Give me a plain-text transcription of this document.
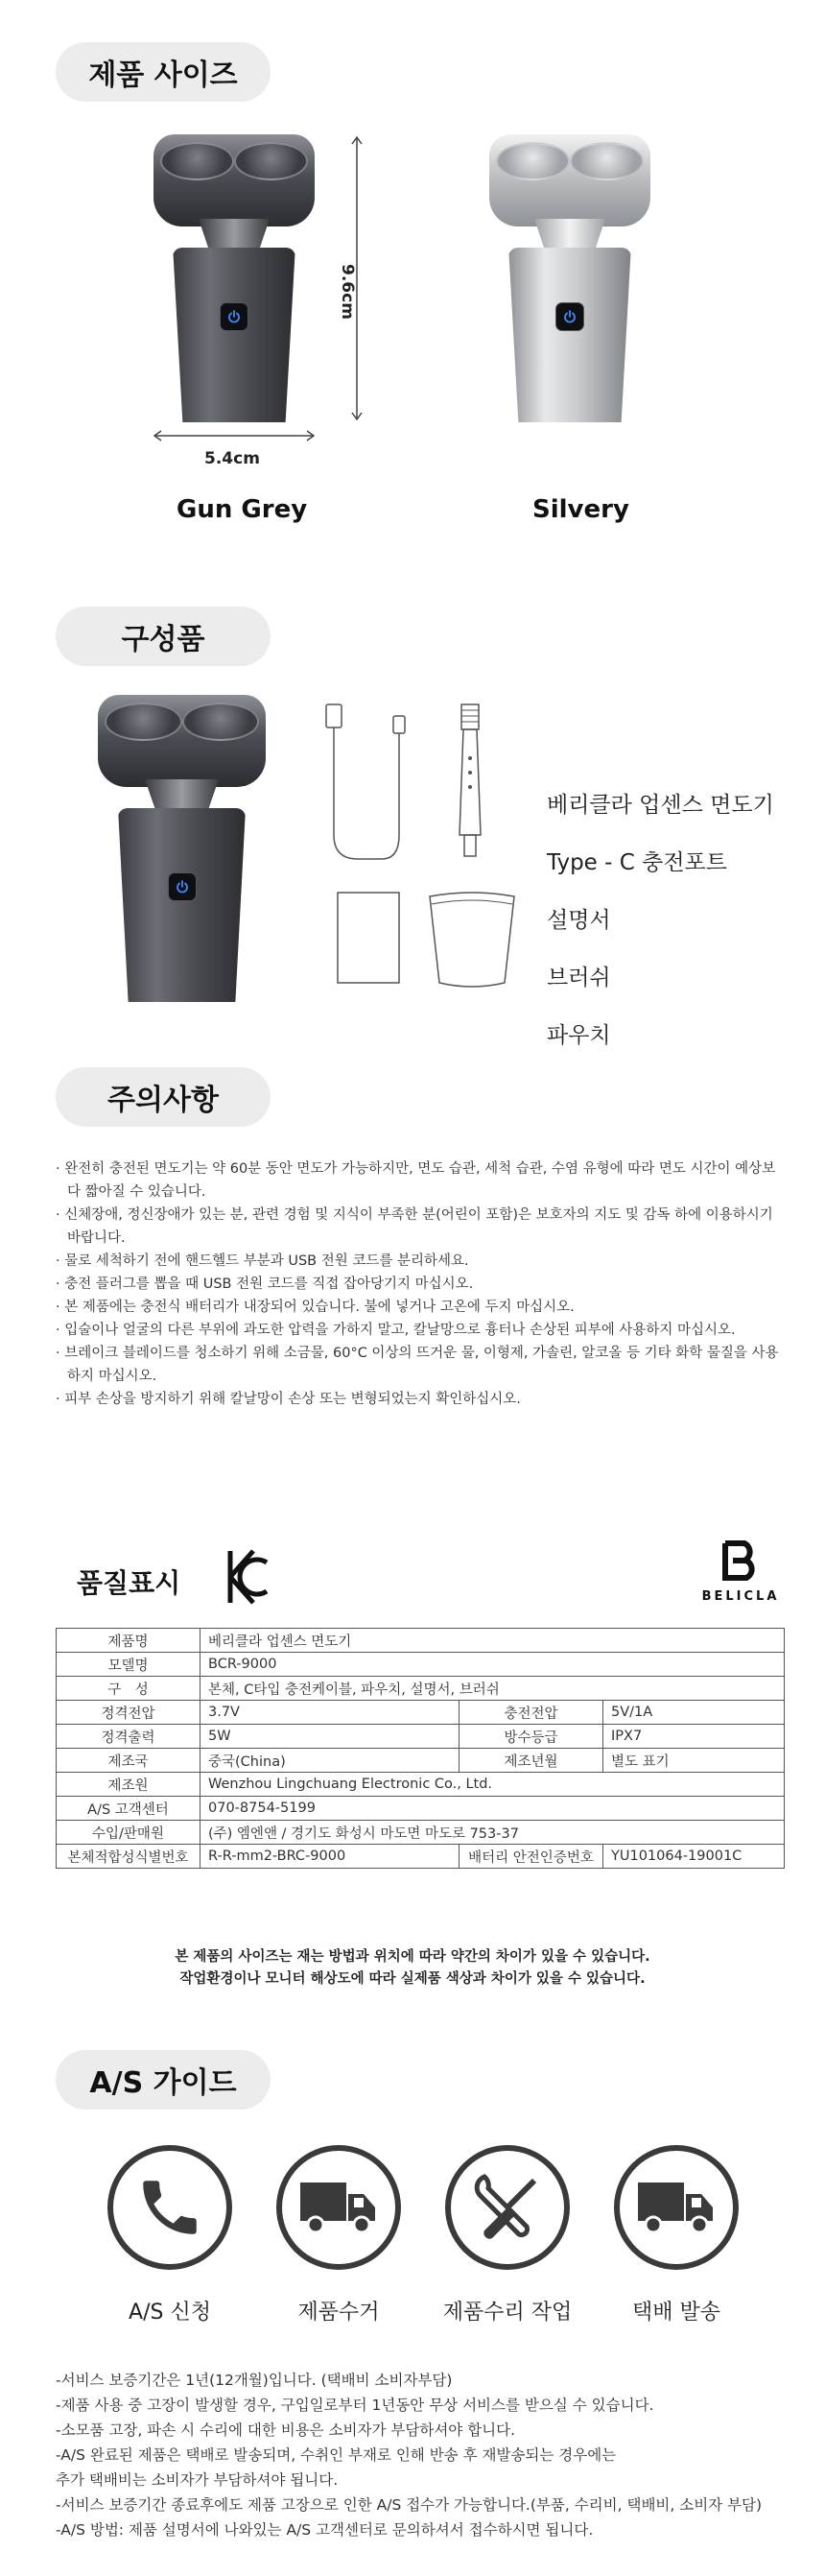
제품 사이즈
9.6cm
5.4cm
Gun Grey	Silvery
구성품
베리클라 업센스 면도기
Type - C 충전포트
설명서
브러쉬
파우치
주의사항

· 완전히 충전된 면도기는 약 60분 동안 면도가 가능하지만, 면도 습관, 세척 습관, 수염 유형에 따라 면도 시간이 예상보다 짧아질 수 있습니다.

· 신체장애, 정신장애가 있는 분, 관련 경험 및 지식이 부족한 분(어린이 포함)은 보호자의 지도 및 감독 하에 이용하시기 바랍니다.

· 물로 세척하기 전에 핸드헬드 부분과 USB 전원 코드를 분리하세요.

· 충전 플러그를 뽑을 때 USB 전원 코드를 직접 잡아당기지 마십시오.

· 본 제품에는 충전식 배터리가 내장되어 있습니다. 불에 넣거나 고온에 두지 마십시오.

· 입술이나 얼굴의 다른 부위에 과도한 압력을 가하지 말고, 칼날망으로 흉터나 손상된 피부에 사용하지 마십시오.

· 브레이크 블레이드를 청소하기 위해 소금물, 60°C 이상의 뜨거운 물, 이형제, 가솔린, 알코올 등 기타 화학 물질을 사용하지 마십시오.

· 피부 손상을 방지하기 위해 칼날망이 손상 또는 변형되었는지 확인하십시오.

품질표시	BELICLA
제품명	베리클라 업센스 면도기		
모델명	BCR-9000		
구　성	본체, C타입 충전케이블, 파우치, 설명서, 브러쉬		
정격전압	3.7V	충전전압	5V/1A
정격출력	5W	방수등급	IPX7
제조국	중국(China)	제조년월	별도 표기
제조원	Wenzhou Lingchuang Electronic Co., Ltd.		
A/S 고객센터	070-8754-5199		
수입/판매원	(주) 엠엔앤 / 경기도 화성시 마도면 마도로 753-37		
본체적합성식별번호	R-R-mm2-BRC-9000	배터리 안전인증번호	YU101064-19001C
본 제품의 사이즈는 재는 방법과 위치에 따라 약간의 차이가 있을 수 있습니다.
작업환경이나 모니터 해상도에 따라 실제품 색상과 차이가 있을 수 있습니다.
A/S 가이드
A/S 신청	제품수거	제품수리 작업	택배 발송
-서비스 보증기간은 1년(12개월)입니다. (택배비 소비자부담)
-제품 사용 중 고장이 발생할 경우, 구입일로부터 1년동안 무상 서비스를 받으실 수 있습니다.
-소모품 고장, 파손 시 수리에 대한 비용은 소비자가 부담하셔야 합니다.
-A/S 완료된 제품은 택배로 발송되며, 수취인 부재로 인해 반송 후 재발송되는 경우에는
추가 택배비는 소비자가 부담하셔야 됩니다.
-서비스 보증기간 종료후에도 제품 고장으로 인한 A/S 접수가 가능합니다.(부품, 수리비, 택배비, 소비자 부담)
-A/S 방법: 제품 설명서에 나와있는 A/S 고객센터로 문의하셔서 접수하시면 됩니다.
